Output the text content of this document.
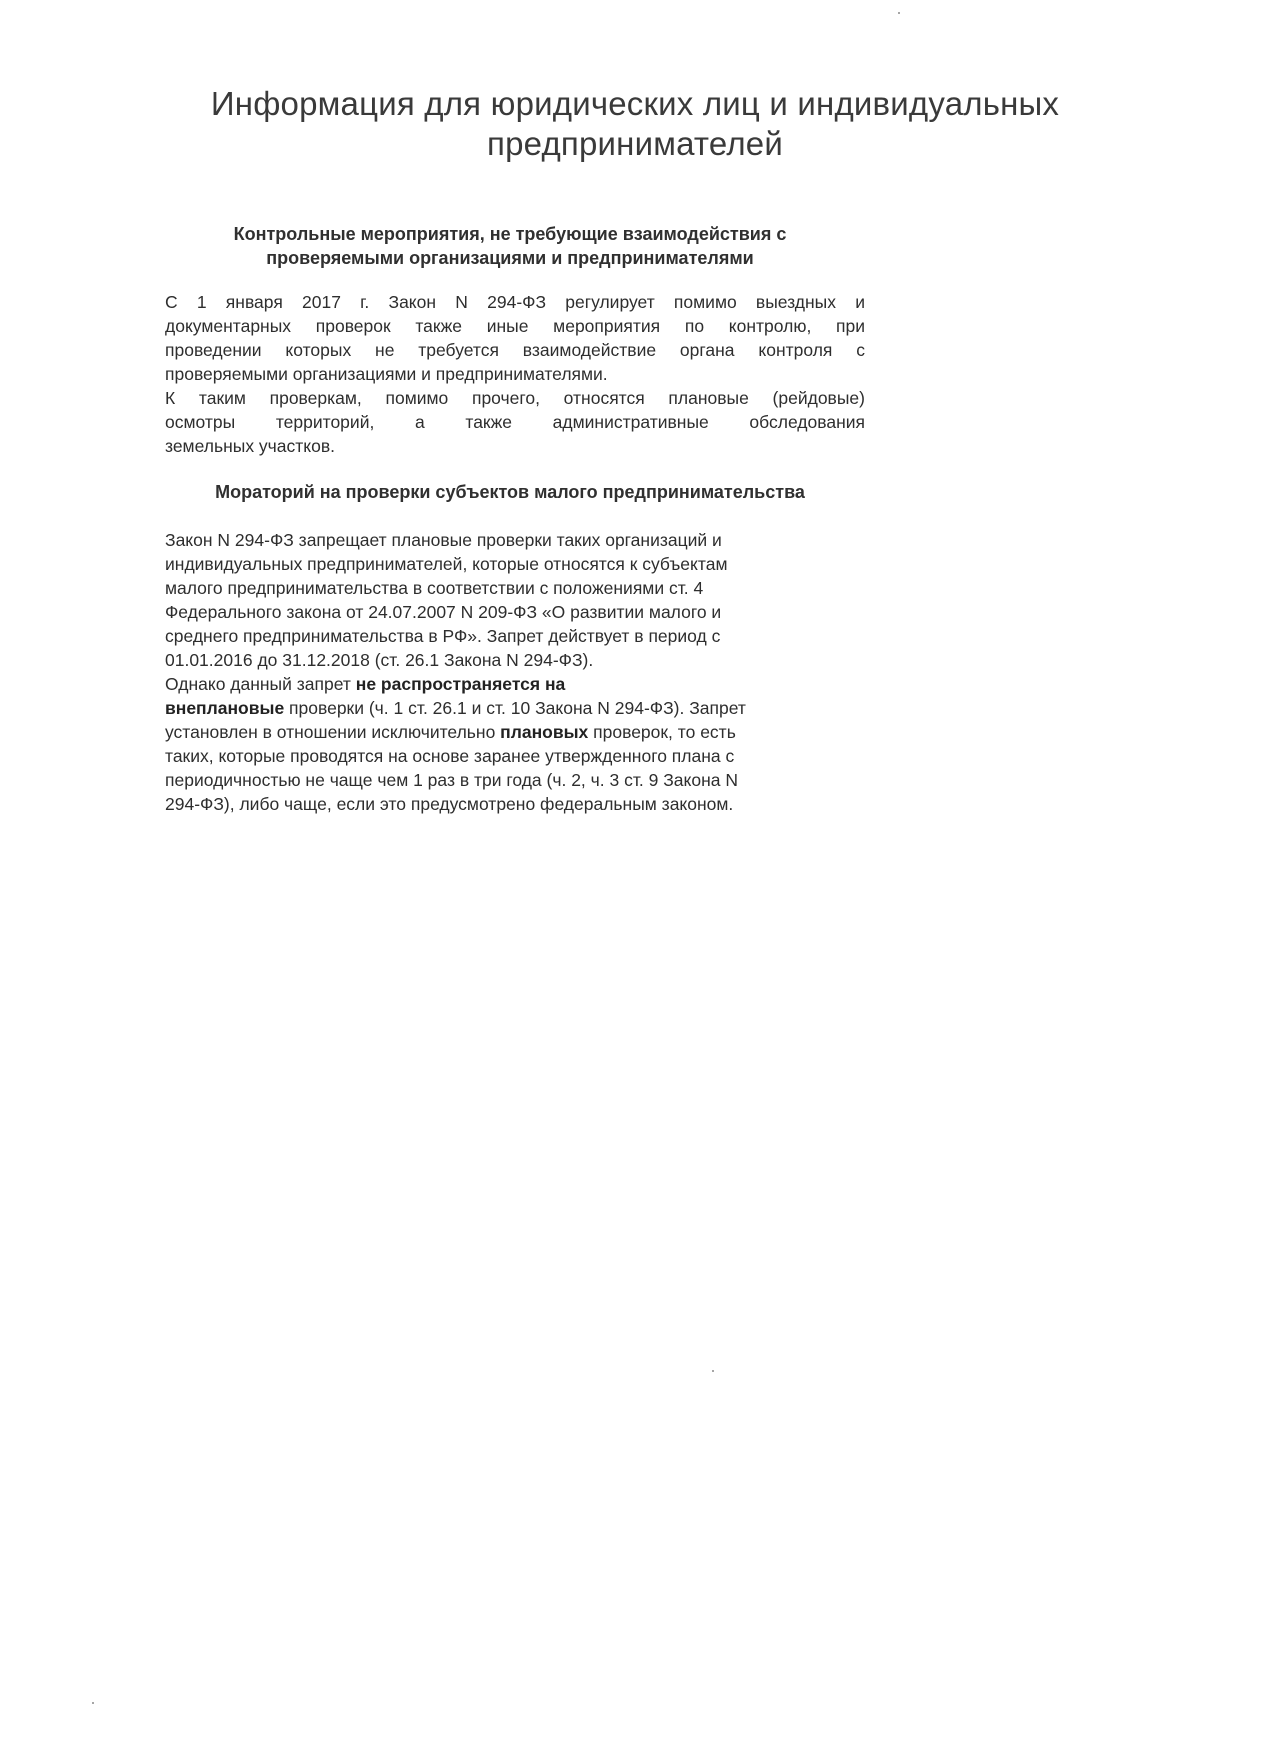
Информация для юридических лиц и индивидуальных
предпринимателей
Контрольные мероприятия, не требующие взаимодействия с
проверяемыми организациями и предпринимателями

С 1 января 2017 г. Закон N 294-ФЗ регулирует помимо выездных и
документарных проверок также иные мероприятия по контролю, при
проведении которых не требуется взаимодействие органа контроля с
проверяемыми организациями и предпринимателями.

К таким проверкам, помимо прочего, относятся плановые (рейдовые)
осмотры территорий, а также административные обследования
земельных участков.

Мораторий на проверки субъектов малого предпринимательства

Закон N 294-ФЗ запрещает плановые проверки таких организаций и
индивидуальных предпринимателей, которые относятся к субъектам
малого предпринимательства в соответствии с положениями ст. 4
Федерального закона от 24.07.2007 N 209-ФЗ «О развитии малого и
среднего предпринимательства в РФ». Запрет действует в период с
01.01.2016 до 31.12.2018 (ст. 26.1 Закона N 294-ФЗ).

Однако данный запрет не распространяется на
внеплановые проверки (ч. 1 ст. 26.1 и ст. 10 Закона N 294-ФЗ). Запрет
установлен в отношении исключительно плановых проверок, то есть
таких, которые проводятся на основе заранее утвержденного плана с
периодичностью не чаще чем 1 раз в три года (ч. 2, ч. 3 ст. 9 Закона N
294-ФЗ), либо чаще, если это предусмотрено федеральным законом.
